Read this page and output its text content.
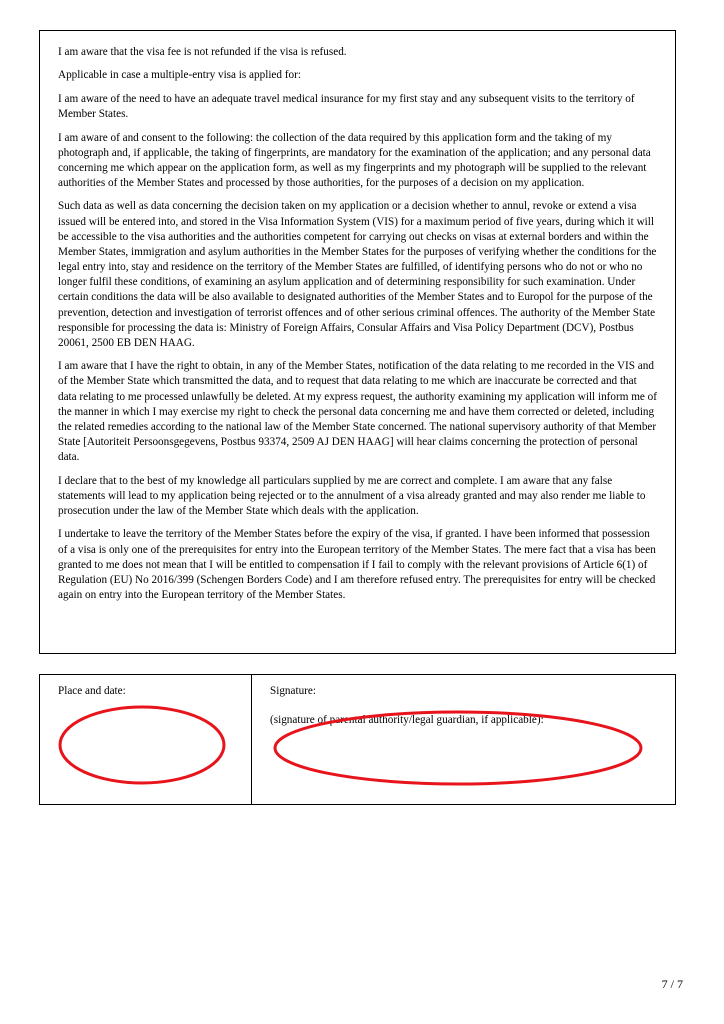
I am aware that the visa fee is not refunded if the visa is refused.

Applicable in case a multiple-entry visa is applied for:

I am aware of the need to have an adequate travel medical insurance for my first stay and any subsequent visits to the territory of Member States.

I am aware of and consent to the following: the collection of the data required by this application form and the taking of my photograph and, if applicable, the taking of fingerprints, are mandatory for the examination of the application; and any personal data concerning me which appear on the application form, as well as my fingerprints and my photograph will be supplied to the relevant authorities of the Member States and processed by those authorities, for the purposes of a decision on my application.

Such data as well as data concerning the decision taken on my application or a decision whether to annul, revoke or extend a visa issued will be entered into, and stored in the Visa Information System (VIS) for a maximum period of five years, during which it will be accessible to the visa authorities and the authorities competent for carrying out checks on visas at external borders and within the Member States, immigration and asylum authorities in the Member States for the purposes of verifying whether the conditions for the legal entry into, stay and residence on the territory of the Member States are fulfilled, of identifying persons who do not or who no longer fulfil these conditions, of examining an asylum application and of determining responsibility for such examination. Under certain conditions the data will be also available to designated authorities of the Member States and to Europol for the purpose of the prevention, detection and investigation of terrorist offences and of other serious criminal offences. The authority of the Member State responsible for processing the data is: Ministry of Foreign Affairs, Consular Affairs and Visa Policy Department (DCV), Postbus 20061, 2500 EB DEN HAAG.

I am aware that I have the right to obtain, in any of the Member States, notification of the data relating to me recorded in the VIS and of the Member State which transmitted the data, and to request that data relating to me which are inaccurate be corrected and that data relating to me processed unlawfully be deleted. At my express request, the authority examining my application will inform me of the manner in which I may exercise my right to check the personal data concerning me and have them corrected or deleted, including the related remedies according to the national law of the Member State concerned. The national supervisory authority of that Member State [Autoriteit Persoonsgegevens, Postbus 93374, 2509 AJ DEN HAAG] will hear claims concerning the protection of personal data.

I declare that to the best of my knowledge all particulars supplied by me are correct and complete. I am aware that any false statements will lead to my application being rejected or to the annulment of a visa already granted and may also render me liable to prosecution under the law of the Member State which deals with the application.

I undertake to leave the territory of the Member States before the expiry of the visa, if granted. I have been informed that possession of a visa is only one of the prerequisites for entry into the European territory of the Member States. The mere fact that a visa has been granted to me does not mean that I will be entitled to compensation if I fail to comply with the relevant provisions of Article 6(1) of Regulation (EU) No 2016/399 (Schengen Borders Code) and I am therefore refused entry. The prerequisites for entry will be checked again on entry into the European territory of the Member States.

Place and date:	Signature:
(signature of parental authority/legal guardian, if applicable):
7 / 7
